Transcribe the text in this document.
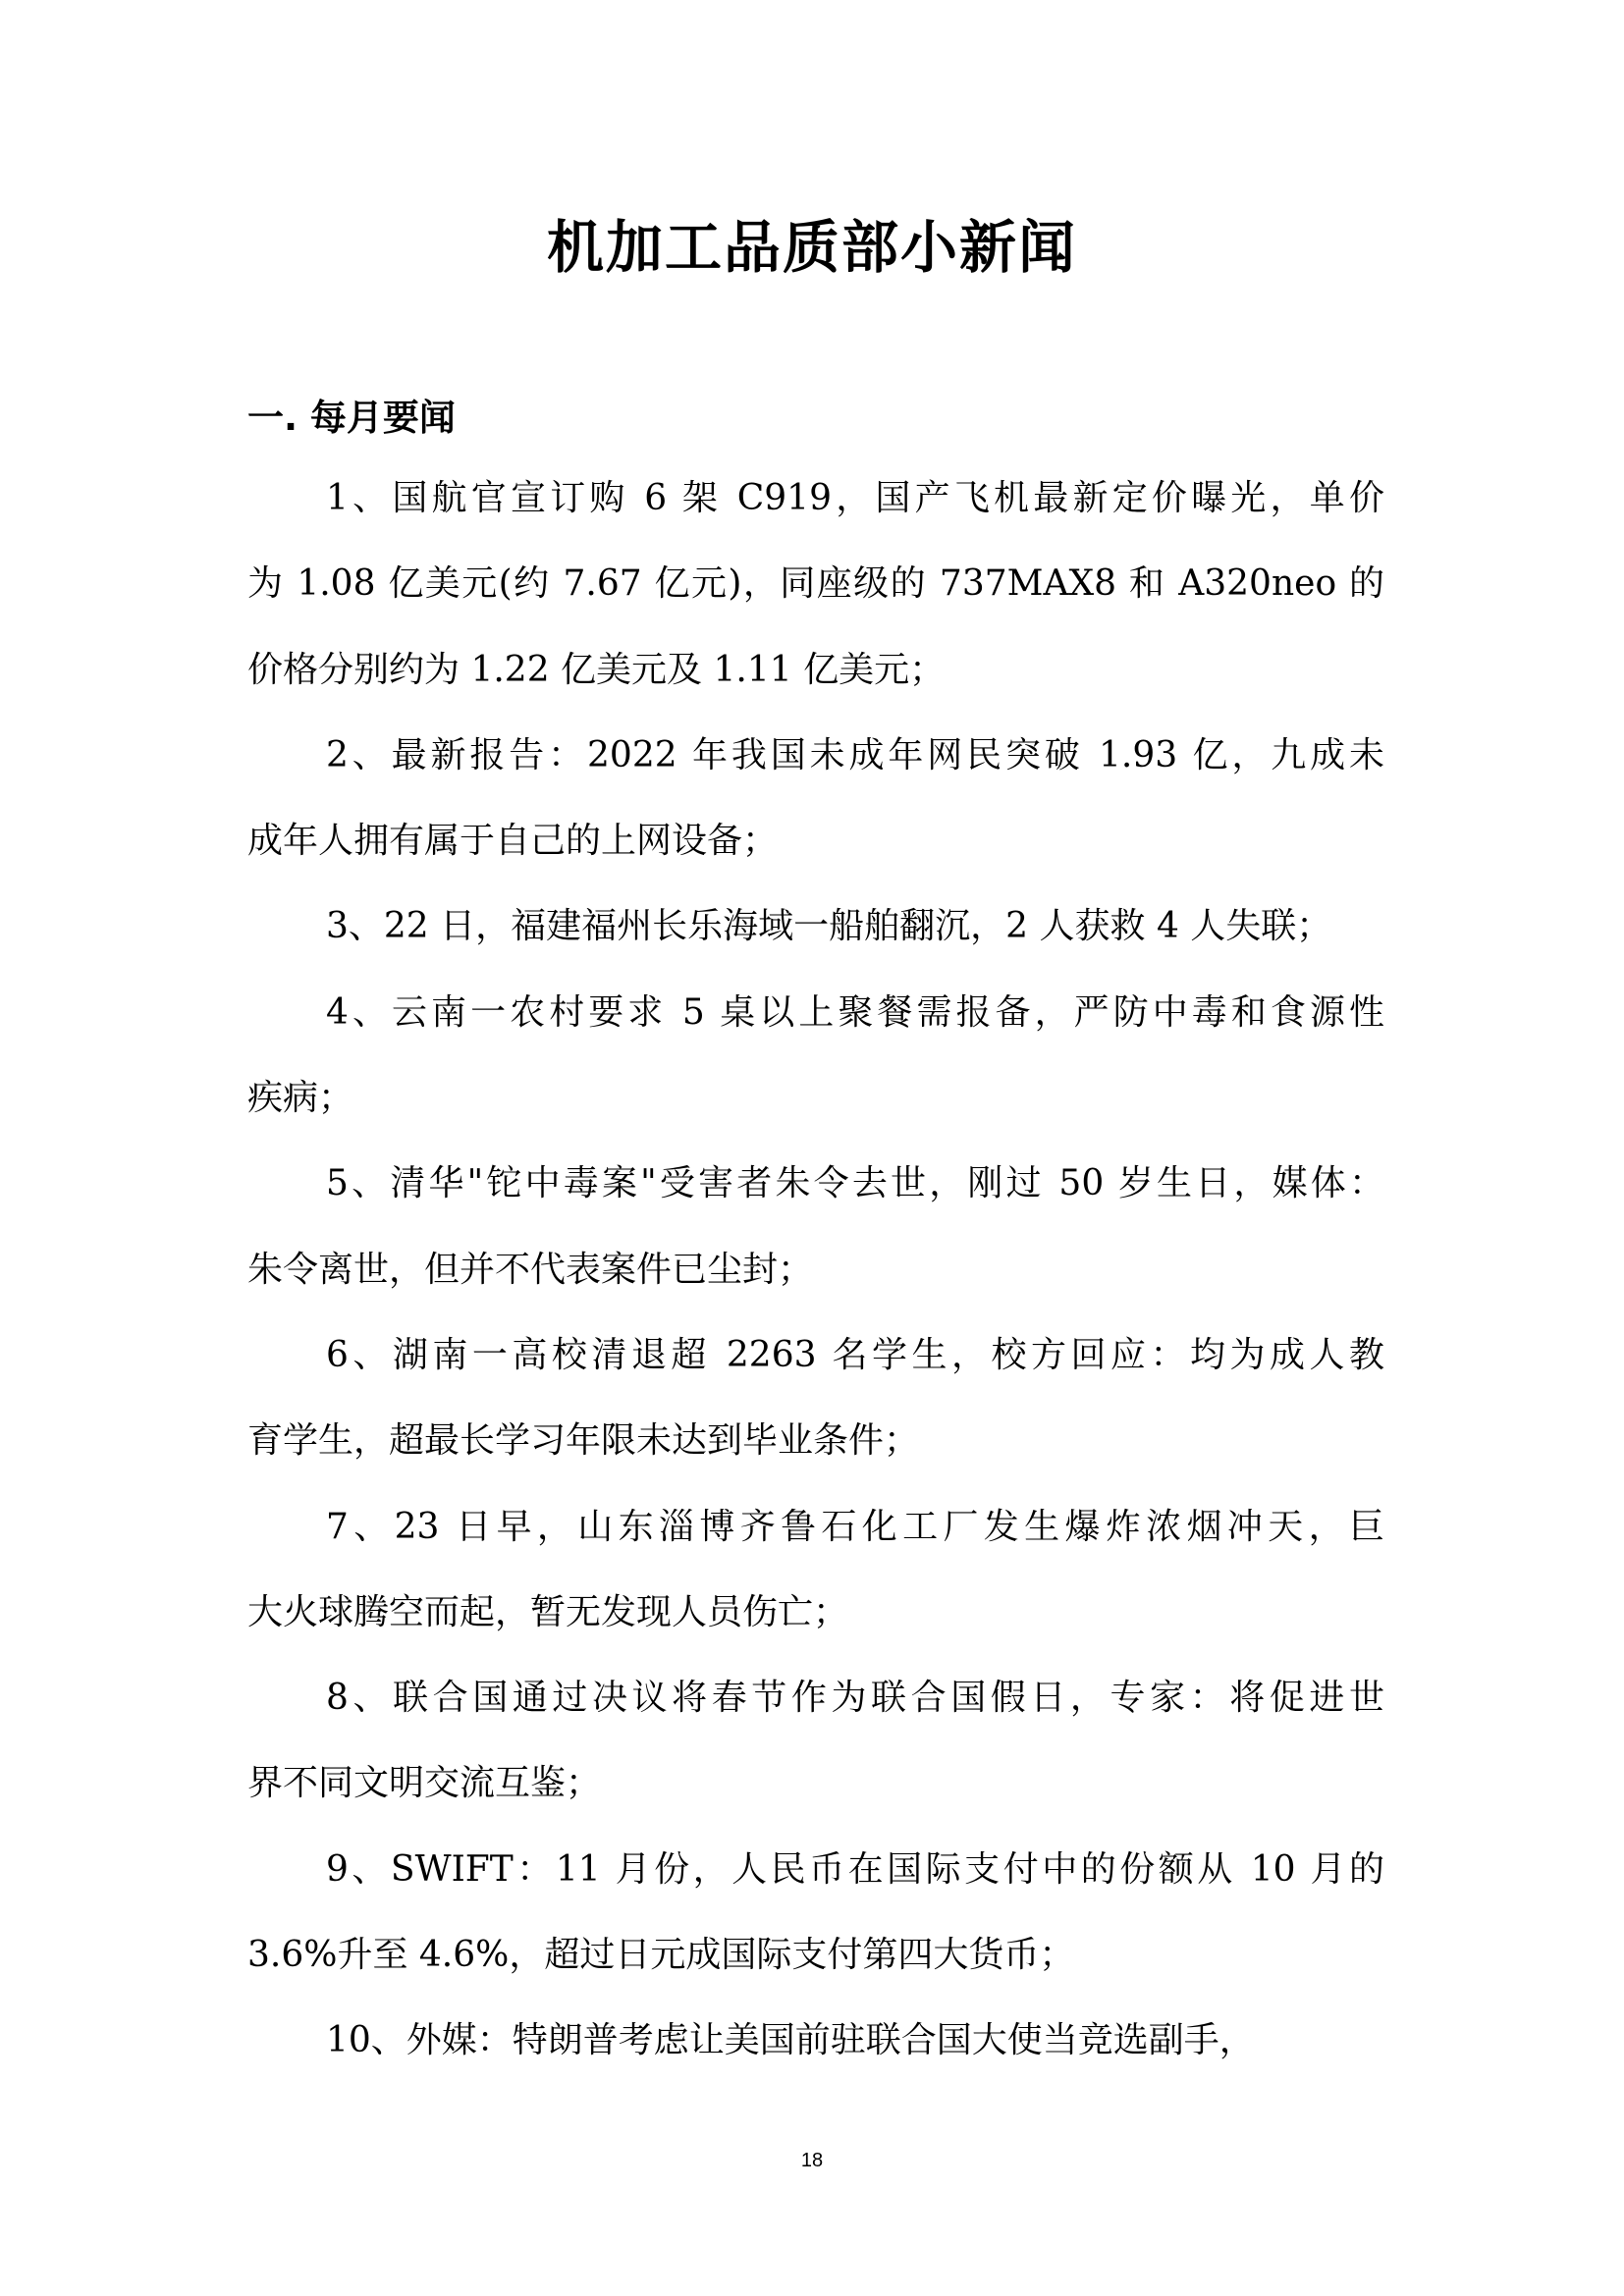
机加工品质部小新闻
一. 每月要闻
1、国航官宣订购 6 架 C919，国产飞机最新定价曝光，单价
为 1.08 亿美元(约 7.67 亿元)，同座级的 737MAX8 和 A320neo 的
价格分别约为 1.22 亿美元及 1.11 亿美元；
2、最新报告：2022 年我国未成年网民突破 1.93 亿，九成未
成年人拥有属于自己的上网设备；
3、22 日，福建福州长乐海域一船舶翻沉，2 人获救 4 人失联；
4、云南一农村要求 5 桌以上聚餐需报备，严防中毒和食源性
疾病；
5、清华"铊中毒案"受害者朱令去世，刚过 50 岁生日，媒体：
朱令离世，但并不代表案件已尘封；
6、湖南一高校清退超 2263 名学生，校方回应：均为成人教
育学生，超最长学习年限未达到毕业条件；
7、23 日早，山东淄博齐鲁石化工厂发生爆炸浓烟冲天，巨
大火球腾空而起，暂无发现人员伤亡；
8、联合国通过决议将春节作为联合国假日，专家：将促进世
界不同文明交流互鉴；
9、SWIFT：11 月份，人民币在国际支付中的份额从 10 月的
3.6%升至 4.6%，超过日元成国际支付第四大货币；
10、外媒：特朗普考虑让美国前驻联合国大使当竞选副手，
18
